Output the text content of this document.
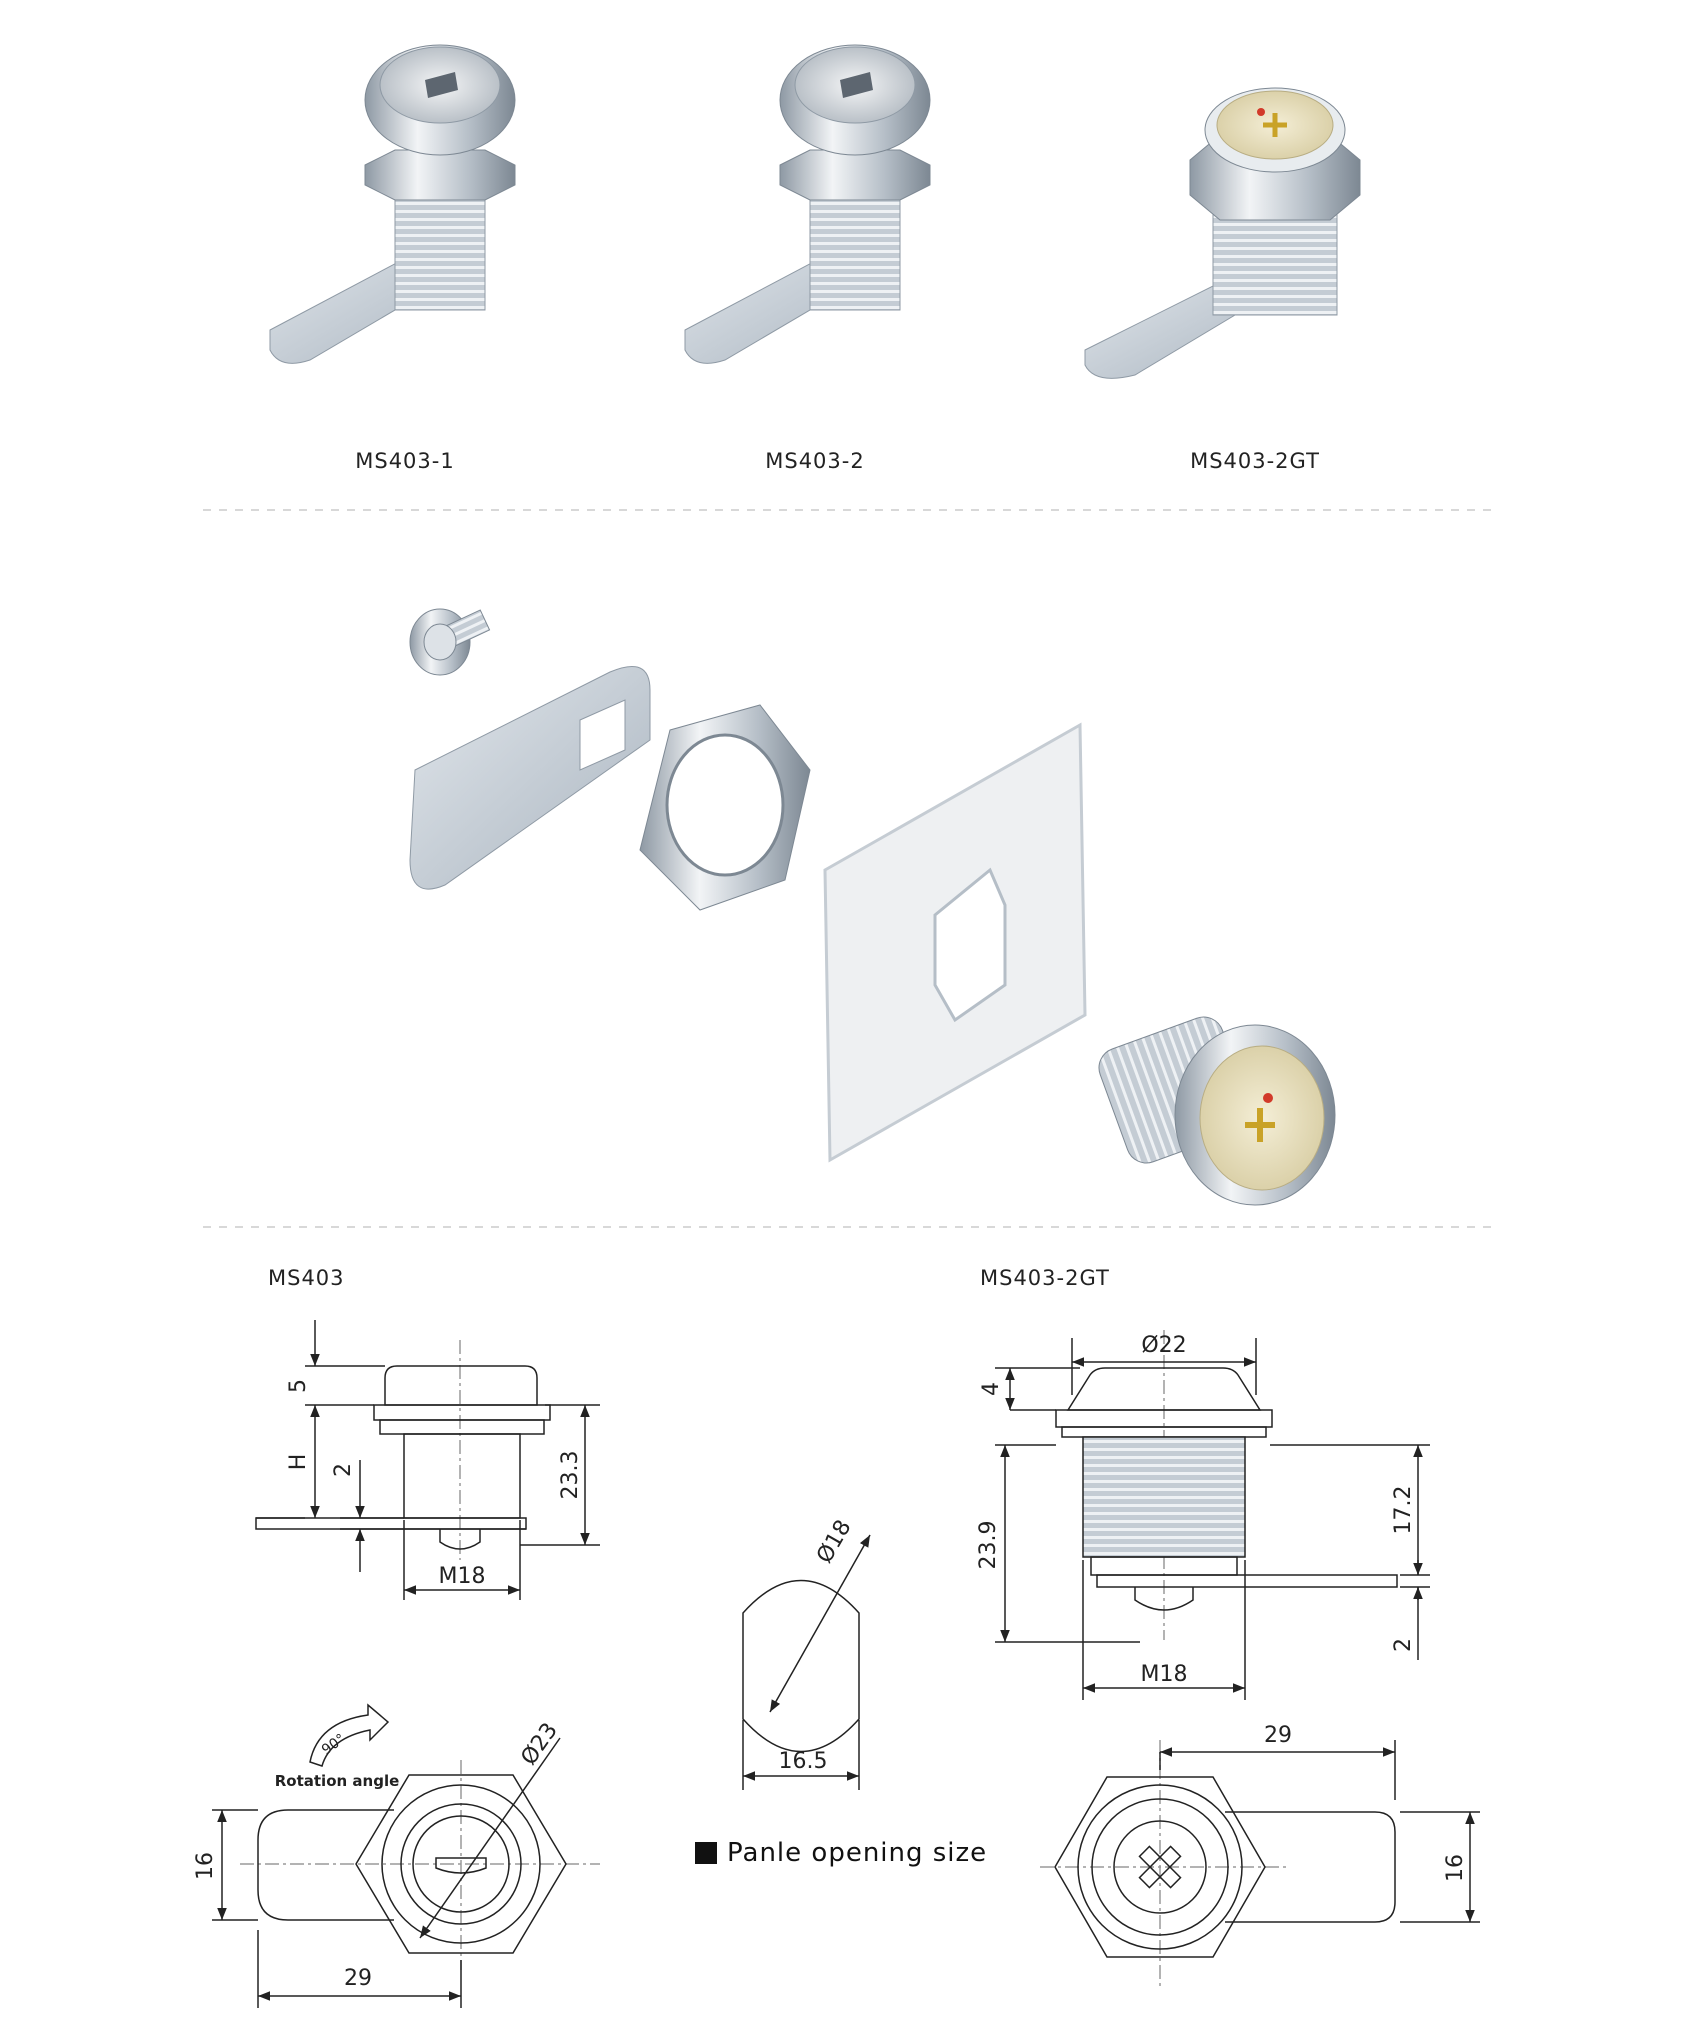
MS403-1	MS403-2	MS403-2GT
MS403	MS403-2GT
5
H 2	23.3
M18
Ø23
16
29
90°
Rotation angle
Ø18
16.5
Ø22
4
23.9
17.2
2
M18
29
16
Panle opening size
